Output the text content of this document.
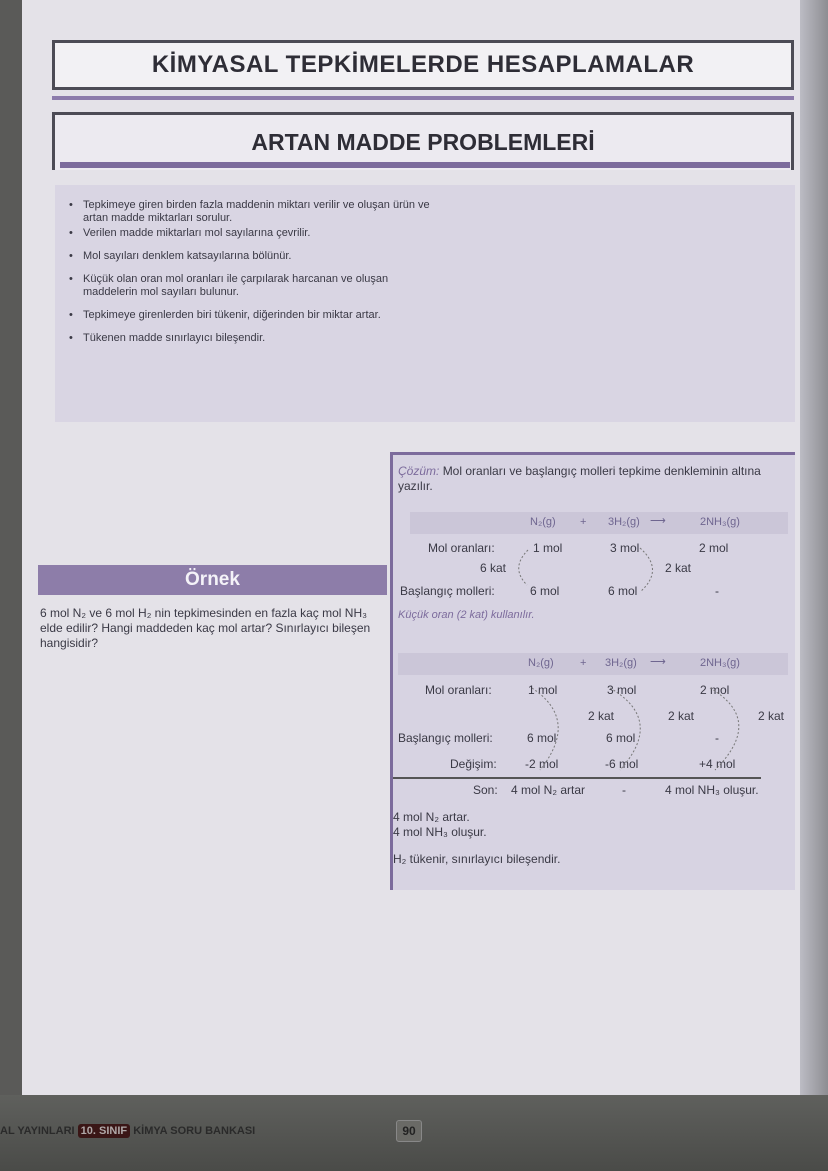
KİMYASAL TEPKİMELERDE HESAPLAMALAR
ARTAN MADDE PROBLEMLERİ
• Tepkimeye giren birden fazla maddenin miktarı verilir ve oluşan ürün ve artan madde miktarları sorulur.
• Verilen madde miktarları mol sayılarına çevrilir.
• Mol sayıları denklem katsayılarına bölünür.
• Küçük olan oran mol oranları ile çarpılarak harcanan ve oluşan maddelerin mol sayıları bulunur.
• Tepkimeye girenlerden biri tükenir, diğerinden bir miktar artar.
• Tükenen madde sınırlayıcı bileşendir.
Örnek
6 mol N₂ ve 6 mol H₂ nin tepkimesinden en fazla kaç mol NH₃ elde edilir? Hangi maddeden kaç mol artar? Sınırlayıcı bileşen hangisidir?
Çözüm: Mol oranları ve başlangıç molleri tepkime denkleminin altına yazılır.
N₂(g) + 3H₂(g) ⟶	2NH₃(g)
Mol oranları:	1 mol	3 mol	2 mol
6 kat	2 kat
Başlangıç molleri:	6 mol	6 mol	-
Küçük oran (2 kat) kullanılır.
N₂(g) + 3H₂(g) ⟶	2NH₃(g)
Mol oranları:	1 mol	3 mol	2 mol
2 kat	2 kat	2 kat
Başlangıç molleri:	6 mol	6 mol	-
Değişim: -2 mol	-6 mol	+4 mol
Son: 4 mol N₂ artar	-	4 mol NH₃ oluşur.
4 mol N₂ artar.
4 mol NH₃ oluşur.
H₂ tükenir, sınırlayıcı bileşendir.
AL YAYINLARI 10. SINIF KİMYA SORU BANKASI	90
